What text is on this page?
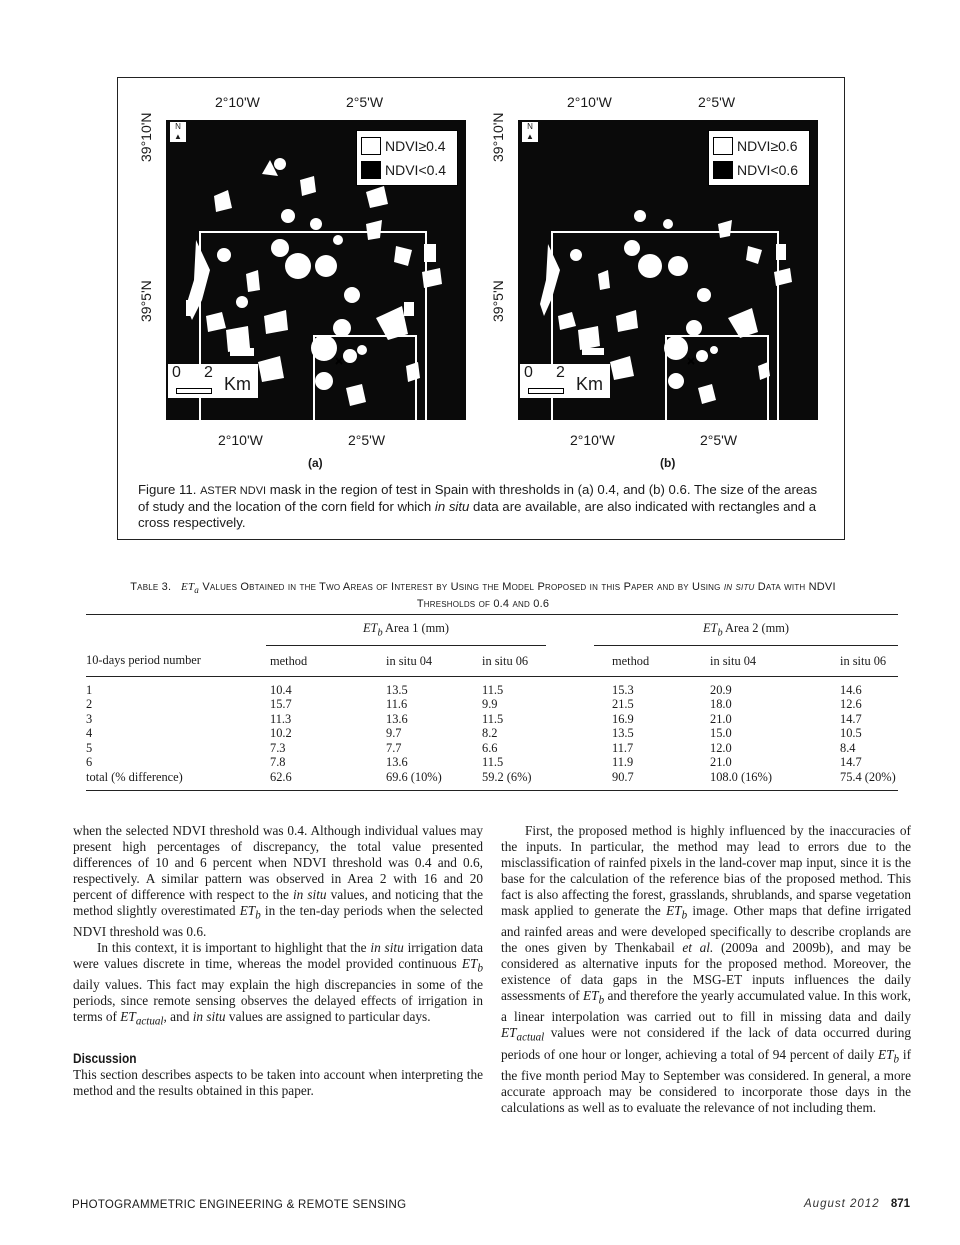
2°10'W	2°5'W
39°10'N
39°5'N
N
▲
NDVI≥0.4
NDVI<0.4
0 2
Km
2°10'W	2°5'W
(a)
2°10'W	2°5'W
39°10'N
39°5'N
N
▲
NDVI≥0.6
NDVI<0.6
0 2
Km
2°10'W	2°5'W
(b)
Figure 11. ASTER NDVI mask in the region of test in Spain with thresholds in (a) 0.4, and (b) 0.6. The size of the areas of study and the location of the corn field for which in situ data are available, are also indicated with rectangles and a cross respectively.
Table 3. $ET_a$ Values Obtained in the Two Areas of Interest by Using the Model Proposed in this Paper and by Using in situ Data with NDVI
Thresholds of 0.4 and 0.6
	$ET_b$ Area 1 (mm)				$ET_b$ Area 2 (mm)		
10-days period number	method	in situ 04	in situ 06		method	in situ 04	in situ 06

1	10.4	13.5	11.5		15.3	20.9	14.6
2	15.7	11.6	9.9		21.5	18.0	12.6
3	11.3	13.6	11.5		16.9	21.0	14.7
4	10.2	9.7	8.2		13.5	15.0	10.5
5	7.3	7.7	6.6		11.7	12.0	8.4
6	7.8	13.6	11.5		11.9	21.0	14.7
total (% difference)	62.6	69.6 (10%)	59.2 (6%)		90.7	108.0 (16%)	75.4 (20%)

when the selected NDVI threshold was 0.4. Although individual values may present high percentages of discrepancy, the total value presented differences of 10 and 6 percent when NDVI threshold was 0.4 and 0.6, respectively. A similar pattern was observed in Area 2 with 16 and 20 percent of difference with respect to the in situ values, and noticing that the method slightly overestimated $ET_b$ in the ten-day periods when the selected NDVI threshold was 0.6.

In this context, it is important to highlight that the in situ irrigation data were values discrete in time, whereas the model provided continuous $ET_b$ daily values. This fact may explain the high discrepancies in some of the periods, since remote sensing observes the delayed effects of irrigation in terms of $ET_{actual}$, and in situ values are assigned to particular days.

Discussion

This section describes aspects to be taken into account when interpreting the method and the results obtained in this paper.

First, the proposed method is highly influenced by the inaccuracies of the inputs. In particular, the method may lead to errors due to the misclassification of rainfed pixels in the land-cover map input, since it is the base for the calculation of the reference bias of the proposed method. This fact is also affecting the forest, grasslands, shrublands, and sparse vegetation mask applied to generate the $ET_b$ image. Other maps that define irrigated and rainfed areas and were developed specifically to describe croplands are the ones given by Thenkabail et al. (2009a and 2009b), and may be considered as alternative inputs for the proposed method. Moreover, the existence of data gaps in the MSG-ET inputs influences the daily assessments of $ET_b$ and therefore the yearly accumulated value. In this work, a linear interpolation was carried out to fill in missing data and daily $ET_{actual}$ values were not considered if the lack of data occurred during periods of one hour or longer, achieving a total of 94 percent of daily $ET_b$ if the five month period May to September was considered. In general, a more accurate approach may be considered to incorporate those days in the calculations as well as to evaluate the relevance of not including them.

PHOTOGRAMMETRIC ENGINEERING & REMOTE SENSING	August 2012 871
